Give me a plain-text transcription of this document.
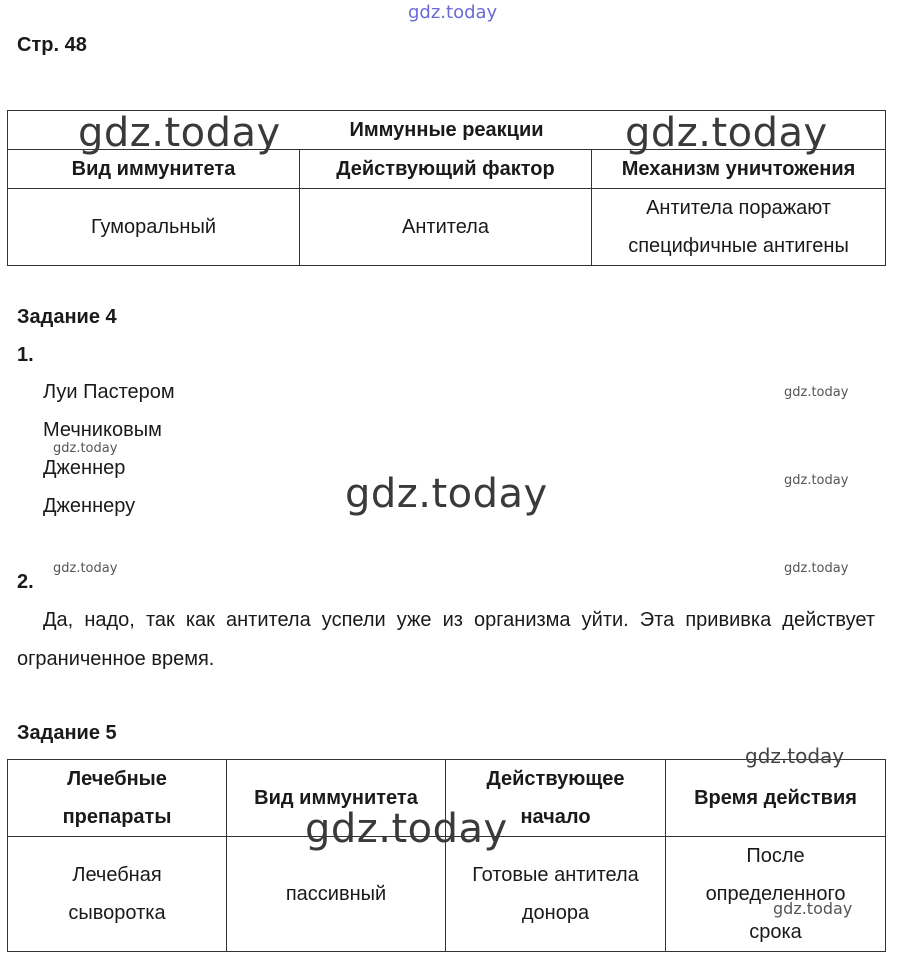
Стр. 48
Иммунные реакции		
Вид иммунитета	Действующий фактор	Механизм уничтожения
Гуморальный	Антитела	Антитела поражают специфичные антигены
Задание 4
1.
Луи Пастером
Мечниковым
Дженнер
Дженнеру
2.
Да, надо, так как антитела успели уже из организма уйти. Эта прививка действует ограниченное время.
Задание 5
Лечебные препараты	Вид иммунитета	Действующее начало	Время действия
Лечебная сыворотка	пассивный	Готовые антитела донора	После определенного срока
gdz.today
gdz.today	gdz.today
gdz.today
gdz.today
gdz.today	gdz.today
gdz.today	gdz.today
gdz.today
gdz.today
gdz.today
